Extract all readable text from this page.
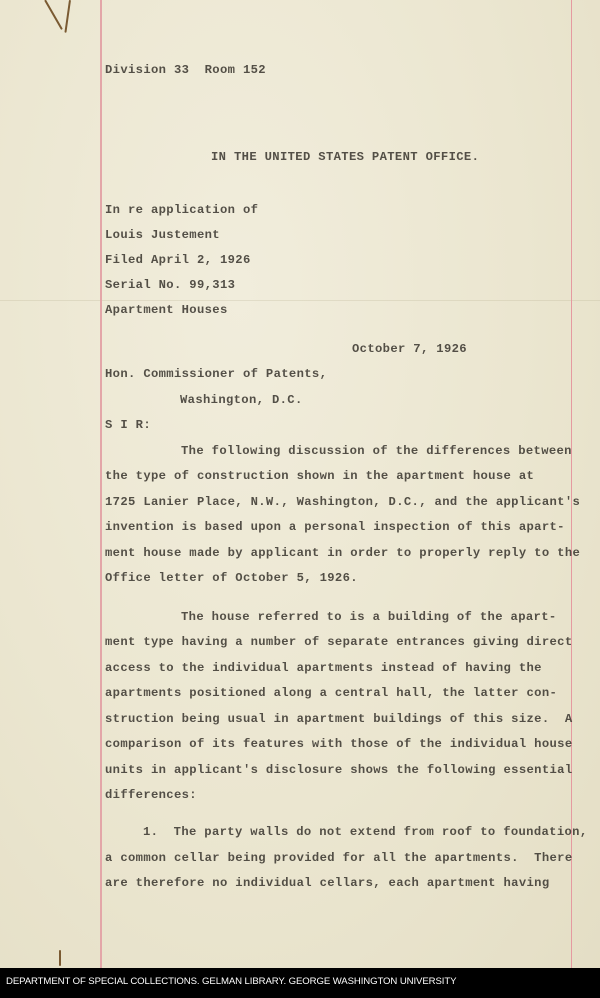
Division 33  Room 152
IN THE UNITED STATES PATENT OFFICE.
In re application of
Louis Justement
Filed April 2, 1926
Serial No. 99,313
Apartment Houses
October 7, 1926
Hon. Commissioner of Patents,
Washington, D.C.
S I R:
The following discussion of the differences between
the type of construction shown in the apartment house at
1725 Lanier Place, N.W., Washington, D.C., and the applicant's
invention is based upon a personal inspection of this apart-
ment house made by applicant in order to properly reply to the
Office letter of October 5, 1926.
The house referred to is a building of the apart-
ment type having a number of separate entrances giving direct
access to the individual apartments instead of having the
apartments positioned along a central hall, the latter con-
struction being usual in apartment buildings of this size.  A
comparison of its features with those of the individual house
units in applicant's disclosure shows the following essential
differences:
1.  The party walls do not extend from roof to foundation,
a common cellar being provided for all the apartments.  There
are therefore no individual cellars, each apartment having
DEPARTMENT OF SPECIAL COLLECTIONS. GELMAN LIBRARY. GEORGE WASHINGTON UNIVERSITY
